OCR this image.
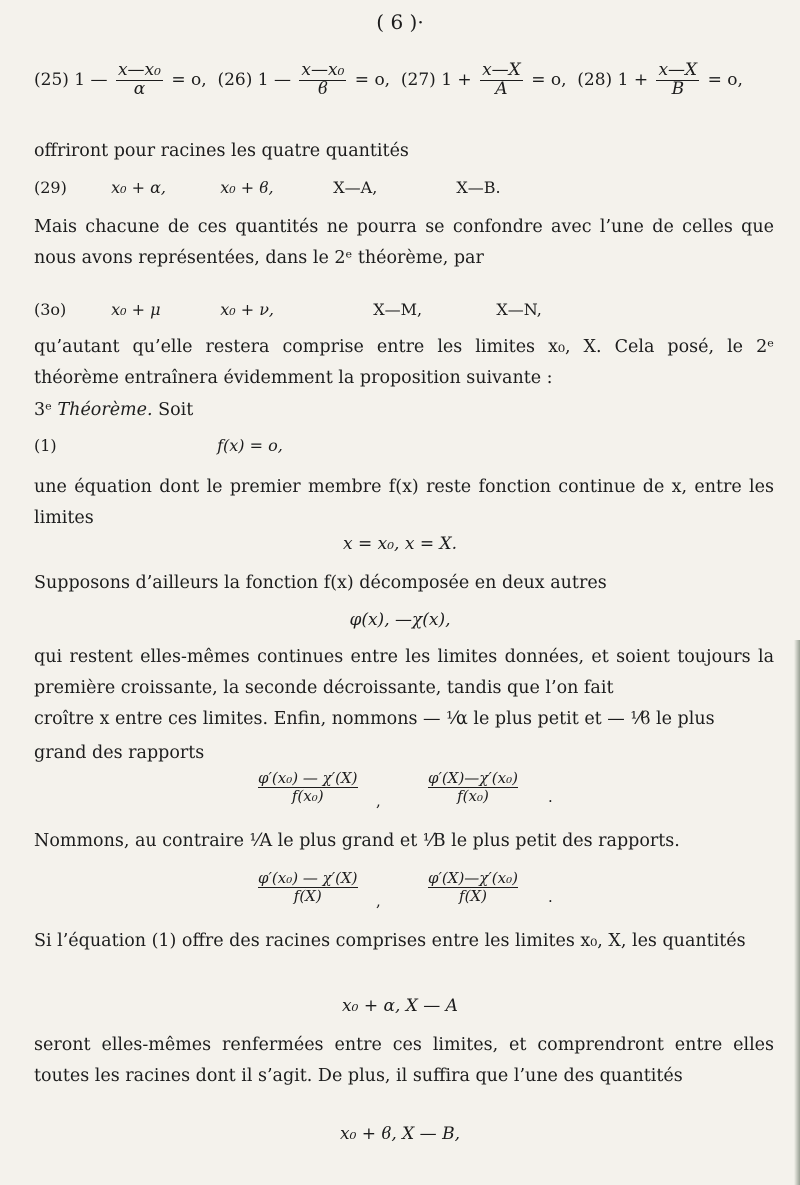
( 6 )·
(25) 1 — $\frac{\text{x—x₀}}{\alpha} = o$, (26) 1 — $\frac{\text{x—x₀}}{ϐ} = o$, (27) $1 + \frac{x—X}{A} = o$, (28) $1 + \frac{x—X}{B} = o$,
offriront pour racines les quatre quantités
(29)	x₀ + α,	x₀ + ϐ,	X—A,	X—B.
Mais chacune de ces quantités ne pourra se confondre avec l’une de celles que nous avons représentées, dans le 2ᵉ théorème, par
(3o)	x₀ + μ	x₀ + ν,	X—M,	X—N,
qu’autant qu’elle restera comprise entre les limites x₀, X. Cela posé, le 2ᵉ théorème entraînera évidemment la proposition suivante :
3ᵉ Théorème. Soit
(1)	f(x) = o,
une équation dont le premier membre f(x) reste fonction continue de x, entre les limites
x = x₀, x = X.
Supposons d’ailleurs la fonction f(x) décomposée en deux autres
φ(x), —χ(x),
qui restent elles-mêmes continues entre les limites données, et soient toujours la première croissante, la seconde décroissante, tandis que l’on fait
croître x entre ces limites. Enfin, nommons — ¹⁄α le plus petit et — ¹⁄ϐ le plus
grand des rapports
φ′(x₀) — χ′(X)
f(x₀)	,
φ′(X)—χ′(x₀)
f(x₀)	·
Nommons, au contraire ¹⁄A le plus grand et ¹⁄B le plus petit des rapports.
φ′(x₀) — χ′(X)
f(X)	,
φ′(X)—χ′(x₀)
f(X)	·
Si l’équation (1) offre des racines comprises entre les limites x₀, X, les quantités
x₀ + α, X — A
seront elles-mêmes renfermées entre ces limites, et comprendront entre elles toutes les racines dont il s’agit. De plus, il suffira que l’une des quantités
x₀ + ϐ, X — B,
